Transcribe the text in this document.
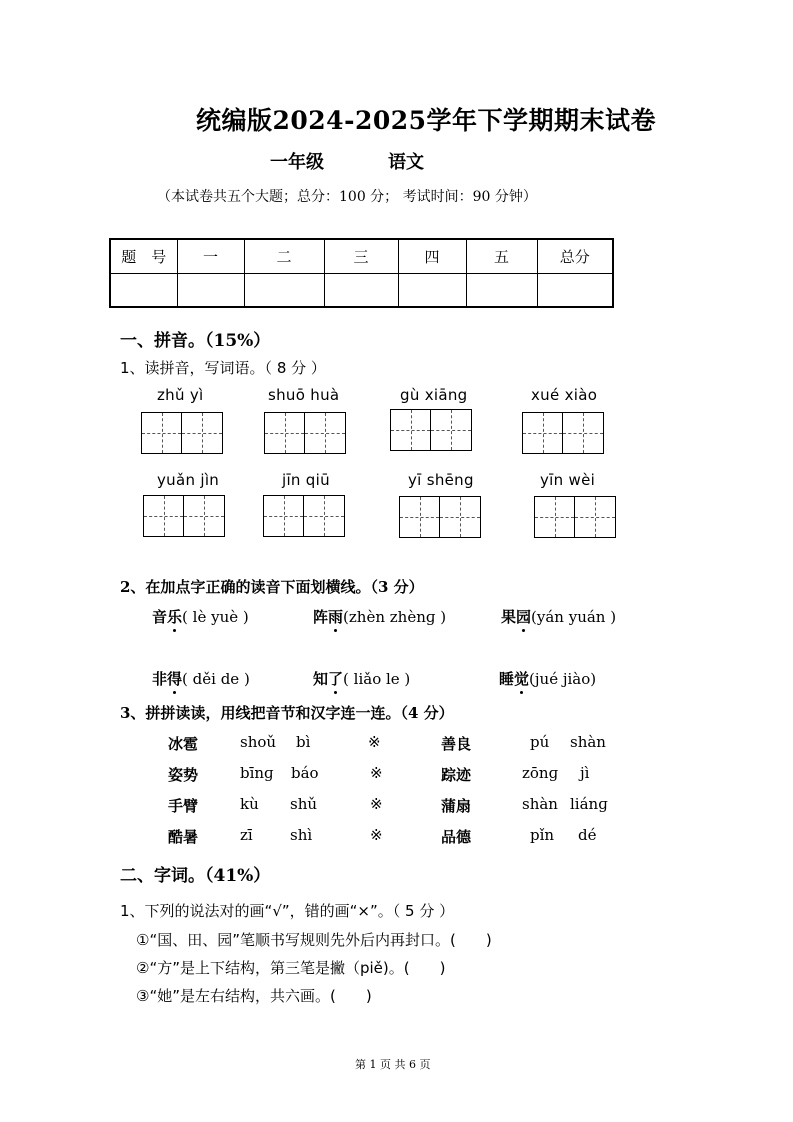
统编版2024-2025学年下学期期末试卷
一年级	语文
（本试卷共五个大题；总分：100 分； 考试时间：90 分钟）
题　号	一	二	三	四	五	总分

一、拼音。（15%）
1、读拼音，写词语。（ 8 分 ）
zhǔ yì	shuō huà	gù xiāng	xué xiào
yuǎn jìn	jīn qiū	yī shēng	yīn wèi
2、在加点字正确的读音下面划横线。（3 分）
音乐( lè yuè )	阵雨(zhèn zhènɡ )	果园(yán yuán )
非得( děi de )	知了( liǎo le )	睡觉(jué jiào)
3、拼拼读读，用线把音节和汉字连一连。（4 分）
冰雹	shoǔ bì	※	善良	pú shàn
姿势	bīnɡ báo	※	踪迹	zōnɡ jì
手臂	kù shǔ	※	蒲扇	shàn liánɡ
酷暑	zī shì	※	品德	pǐn dé
二、字词。（41%）
1、下列的说法对的画“√”，错的画“×”。（ 5 分 ）
①“国、田、园”笔顺书写规则先外后内再封口。(　　)
②“方”是上下结构，第三笔是撇（piě)。(　　)
③“她”是左右结构，共六画。(　　)
第 1 页 共 6 页
